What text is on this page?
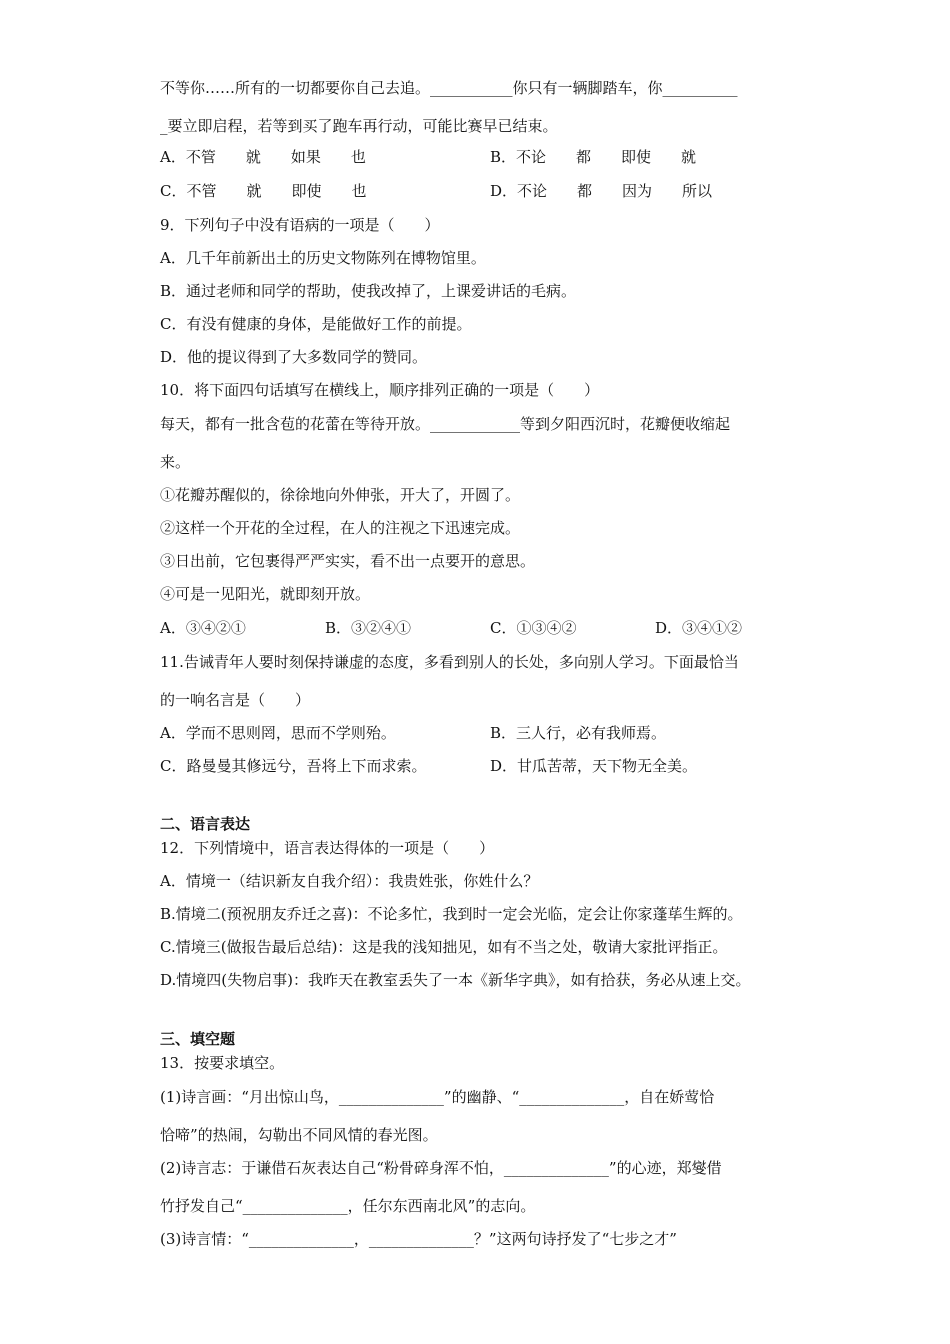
不等你……所有的一切都要你自己去追。___________你只有一辆脚踏车，你__________
_要立即启程，若等到买了跑车再行动，可能比赛早已结束。
A．不管　　就　　如果　　也	B．不论　　都　　即使　　就
C．不管　　就　　即使　　也	D．不论　　都　　因为　　所以
9．下列句子中没有语病的一项是（　　）
A．几千年前新出土的历史文物陈列在博物馆里。
B．通过老师和同学的帮助，使我改掉了，上课爱讲话的毛病。
C．有没有健康的身体，是能做好工作的前提。
D．他的提议得到了大多数同学的赞同。
10．将下面四句话填写在横线上，顺序排列正确的一项是（　　）
每天，都有一批含苞的花蕾在等待开放。____________等到夕阳西沉时，花瓣便收缩起
来。
①花瓣苏醒似的，徐徐地向外伸张，开大了，开圆了。
②这样一个开花的全过程，在人的注视之下迅速完成。
③日出前，它包裹得严严实实，看不出一点要开的意思。
④可是一见阳光，就即刻开放。
A．③④②①	B．③②④①	C．①③④②	D．③④①②
11.告诫青年人要时刻保持谦虚的态度，多看到别人的长处，多向别人学习。下面最恰当
的一响名言是（　　）
A．学而不思则罔，思而不学则殆。	B．三人行，必有我师焉。
C．路曼曼其修远兮，吾将上下而求索。	D．甘瓜苦蒂，天下物无全美。
二、语言表达
12．下列情境中，语言表达得体的一项是（　　）
A．情境一（结识新友自我介绍）：我贵姓张，你姓什么？
B.情境二(预祝朋友乔迁之喜)：不论多忙，我到时一定会光临，定会让你家蓬荜生辉的。
C.情境三(做报告最后总结)：这是我的浅知拙见，如有不当之处，敬请大家批评指正。
D.情境四(失物启事)：我昨天在教室丢失了一本《新华字典》，如有拾获，务必从速上交。
三、填空题
13．按要求填空。
(1)诗言画：“月出惊山鸟，______________”的幽静、“______________，自在娇莺恰
恰啼”的热闹，勾勒出不同风情的春光图。
(2)诗言志：于谦借石灰表达自己“粉骨碎身浑不怕，______________”的心迹，郑燮借
竹抒发自己“______________，任尔东西南北风”的志向。
(3)诗言情：“______________，______________？”这两句诗抒发了“七步之才”
